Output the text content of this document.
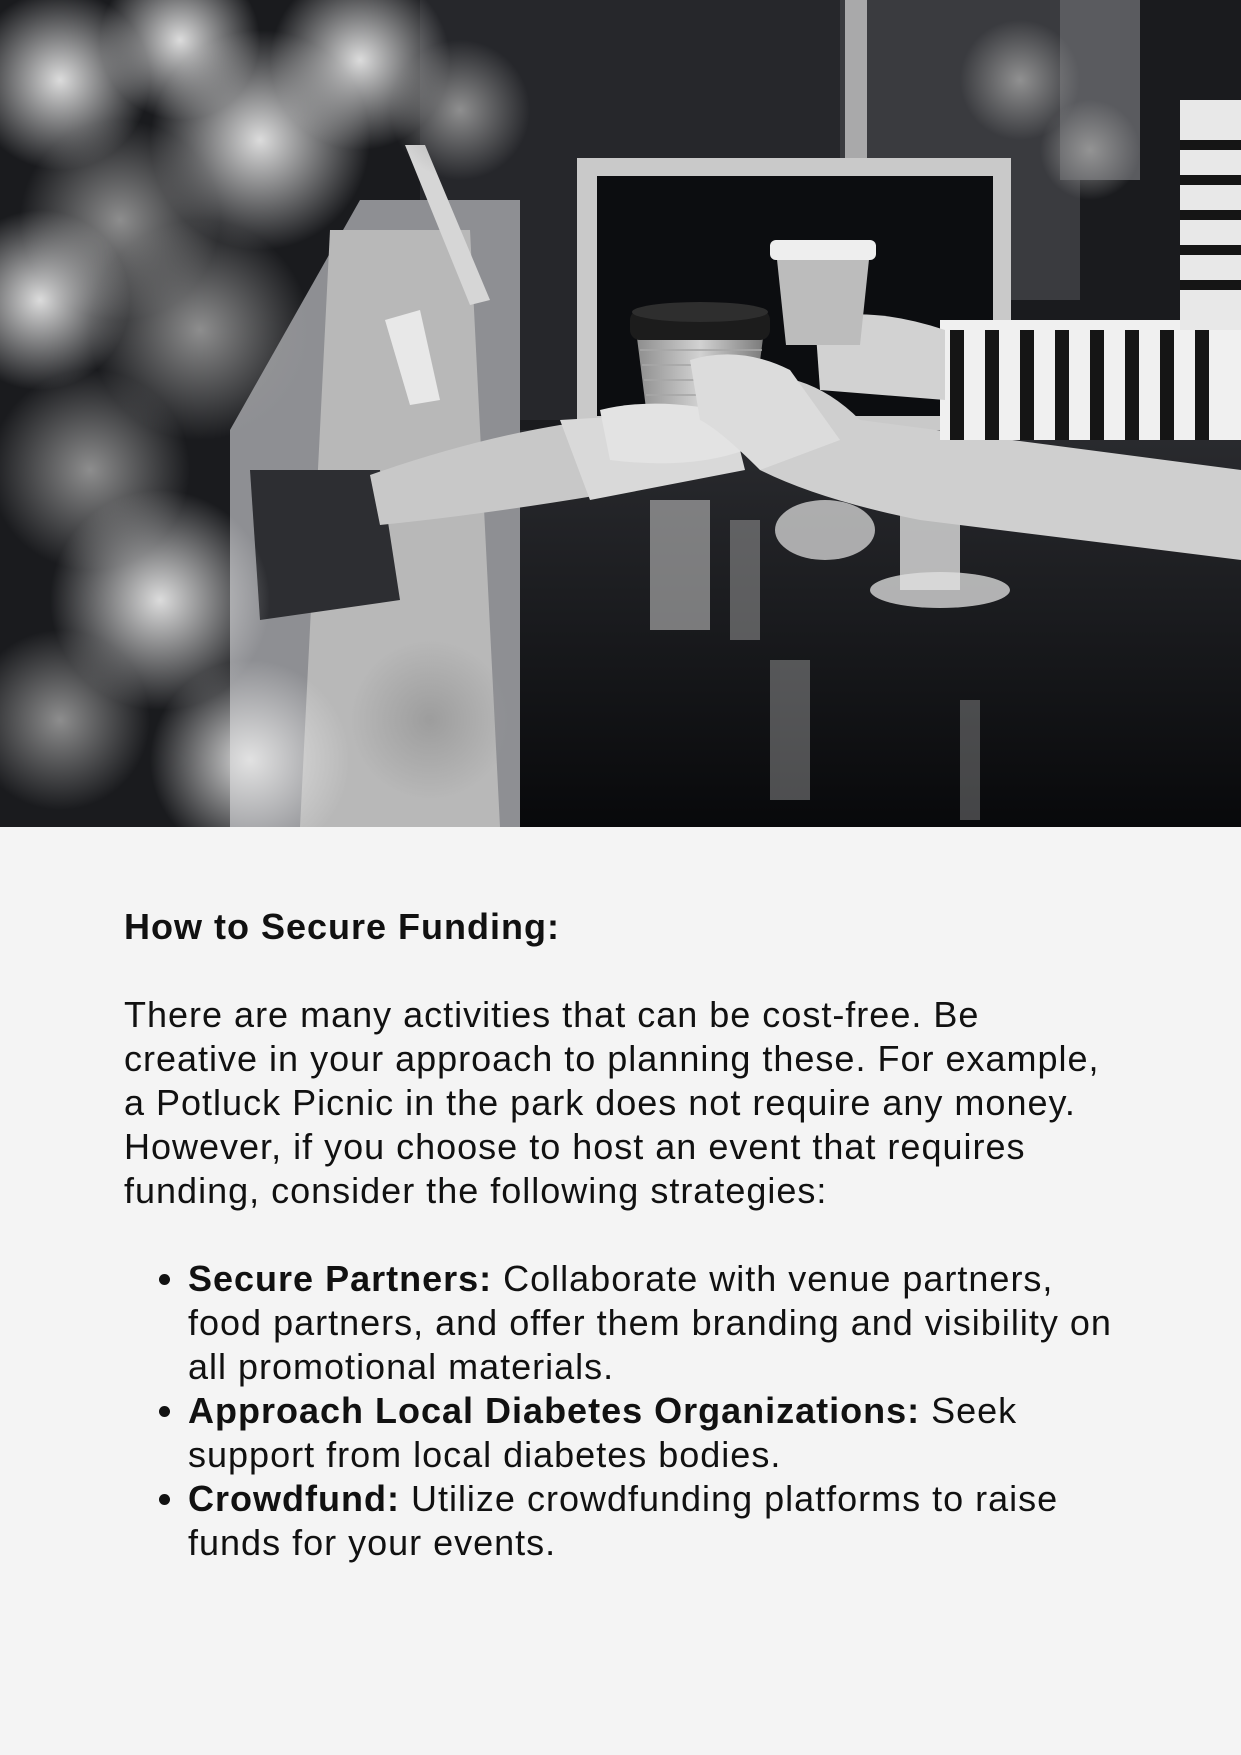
How to Secure Funding:

There are many activities that can be cost-free. Be creative in your approach to planning these. For example, a Potluck Picnic in the park does not require any money. However, if you choose to host an event that requires funding, consider the following strategies:

• Secure Partners: Collaborate with venue partners, food partners, and offer them branding and visibility on all promotional materials.
• Approach Local Diabetes Organizations: Seek support from local diabetes bodies.
• Crowdfund: Utilize crowdfunding platforms to raise funds for your events.
